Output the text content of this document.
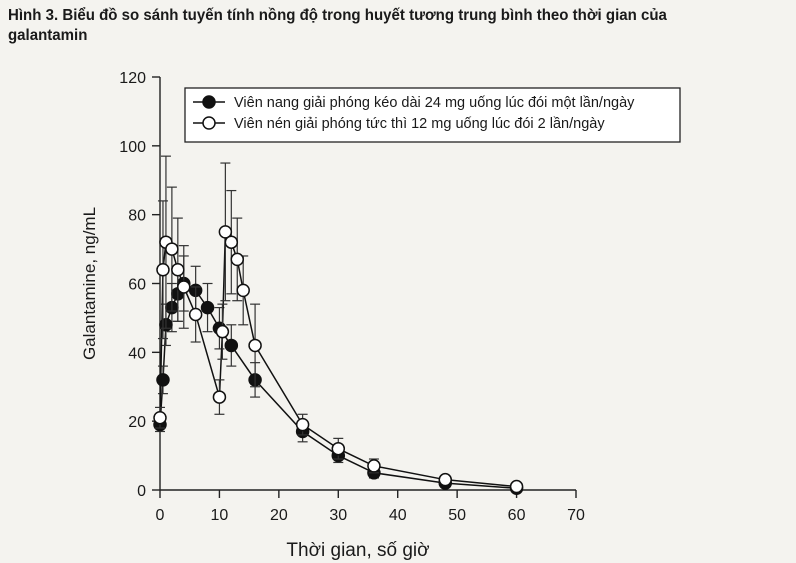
Hình 3. Biểu đồ so sánh tuyến tính nồng độ trong huyết tương trung bình theo thời gian của galantamin
0
20
40
60
80
100
120
0	10	20	30	40	50	60	70
Thời gian, số giờ
Galantamine, ng/mL
Viên nang giải phóng kéo dài 24 mg uống lúc đói một lần/ngày
Viên nén giải phóng tức thì 12 mg uống lúc đói 2 lần/ngày
